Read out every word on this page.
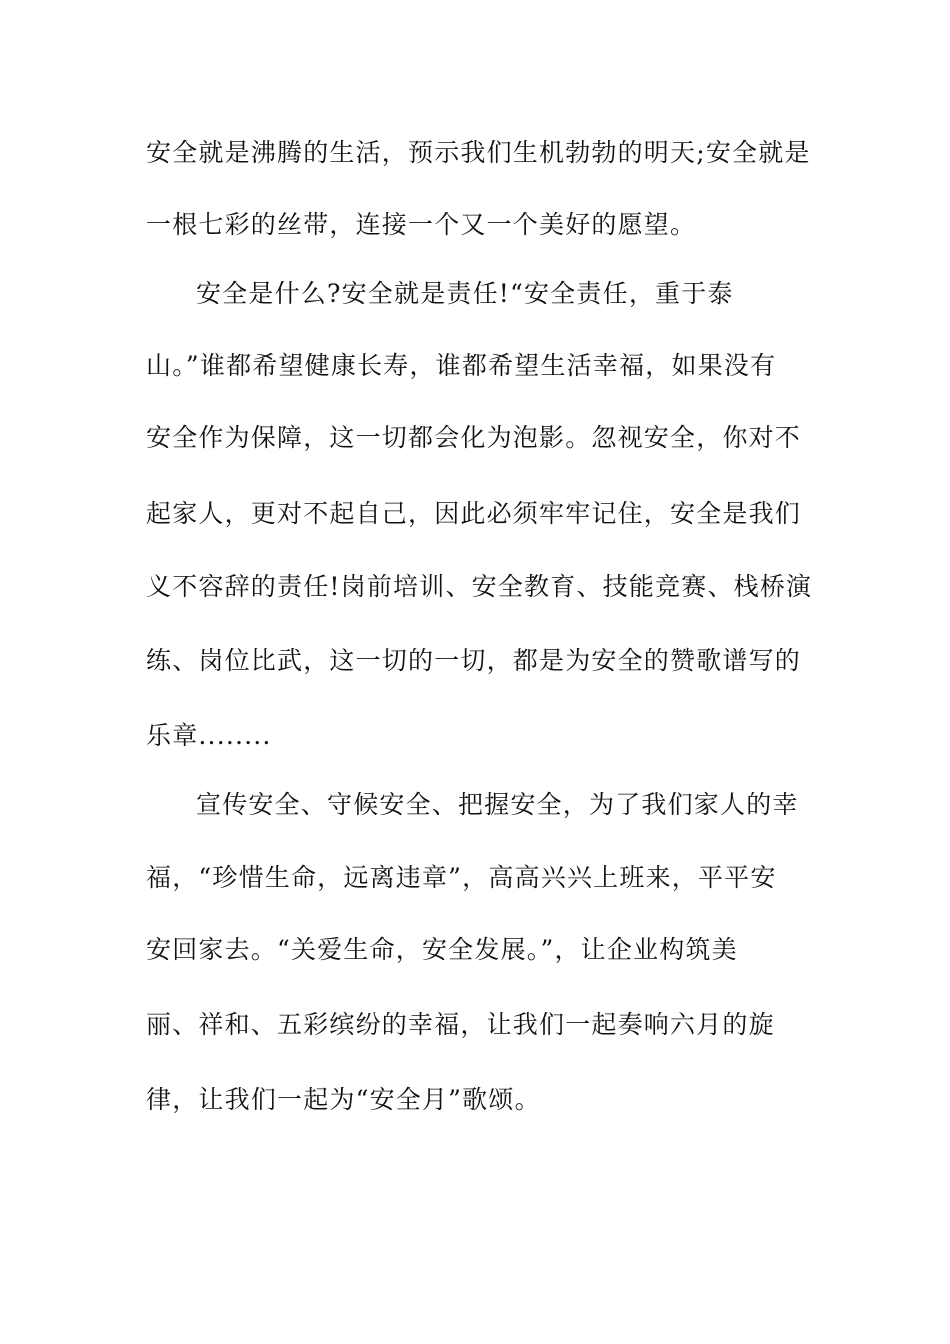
安全就是沸腾的生活，预示我们生机勃勃的明天;安全就是
一根七彩的丝带，连接一个又一个美好的愿望。
安全是什么?安全就是责任!“安全责任，重于泰
山。”谁都希望健康长寿，谁都希望生活幸福，如果没有
安全作为保障，这一切都会化为泡影。忽视安全，你对不
起家人，更对不起自己，因此必须牢牢记住，安全是我们
义不容辞的责任!岗前培训、安全教育、技能竞赛、栈桥演
练、岗位比武，这一切的一切，都是为安全的赞歌谱写的
乐章........
宣传安全、守候安全、把握安全，为了我们家人的幸
福，“珍惜生命，远离违章”，高高兴兴上班来，平平安
安回家去。“关爱生命，安全发展。”，让企业构筑美
丽、祥和、五彩缤纷的幸福，让我们一起奏响六月的旋
律，让我们一起为“安全月”歌颂。
